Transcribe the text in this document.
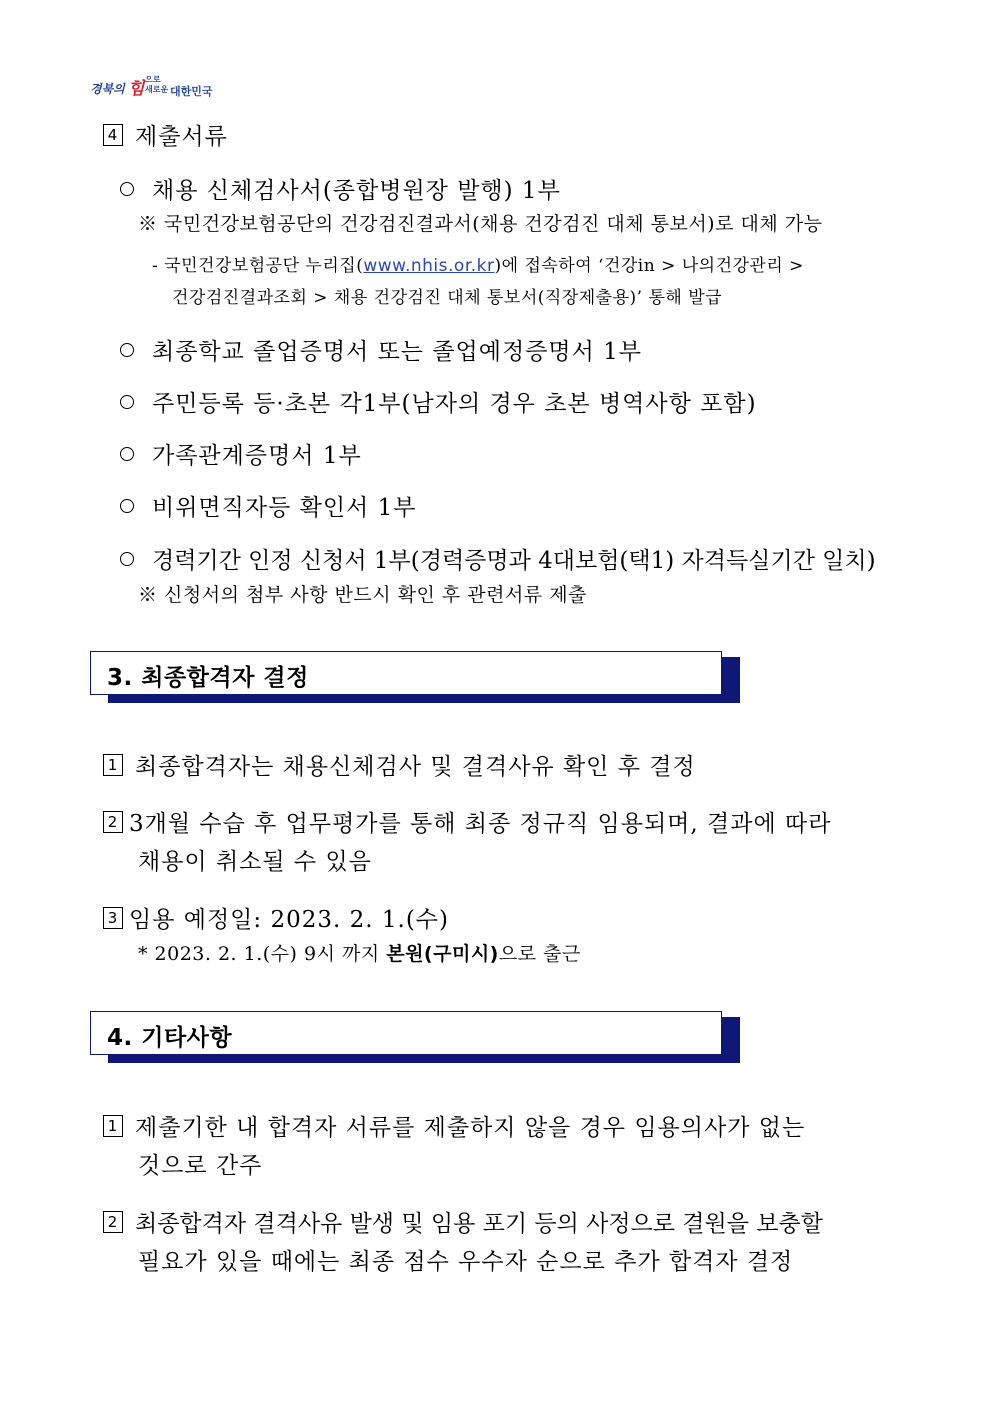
경북의 힘 으로
새로운 대한민국
4 제출서류
채용 신체검사서(종합병원장 발행) 1부
※ 국민건강보험공단의 건강검진결과서(채용 건강검진 대체 통보서)로 대체 가능
- 국민건강보험공단 누리집(www.nhis.or.kr)에 접속하여 ‘건강in > 나의건강관리 >
건강검진결과조회 > 채용 건강검진 대체 통보서(직장제출용)’ 통해 발급
최종학교 졸업증명서 또는 졸업예정증명서 1부
주민등록 등·초본 각1부(남자의 경우 초본 병역사항 포함)
가족관계증명서 1부
비위면직자등 확인서 1부
경력기간 인정 신청서 1부(경력증명과 4대보험(택1) 자격득실기간 일치)
※ 신청서의 첨부 사항 반드시 확인 후 관련서류 제출
3. 최종합격자 결정
1 최종합격자는 채용신체검사 및 결격사유 확인 후 결정
2 3개월 수습 후 업무평가를 통해 최종 정규직 임용되며, 결과에 따라
채용이 취소될 수 있음
3 임용 예정일: 2023. 2. 1.(수)
* 2023. 2. 1.(수) 9시 까지 본원(구미시)으로 출근
4. 기타사항
1 제출기한 내 합격자 서류를 제출하지 않을 경우 임용의사가 없는
것으로 간주
2 최종합격자 결격사유 발생 및 임용 포기 등의 사정으로 결원을 보충할
필요가 있을 때에는 최종 점수 우수자 순으로 추가 합격자 결정
